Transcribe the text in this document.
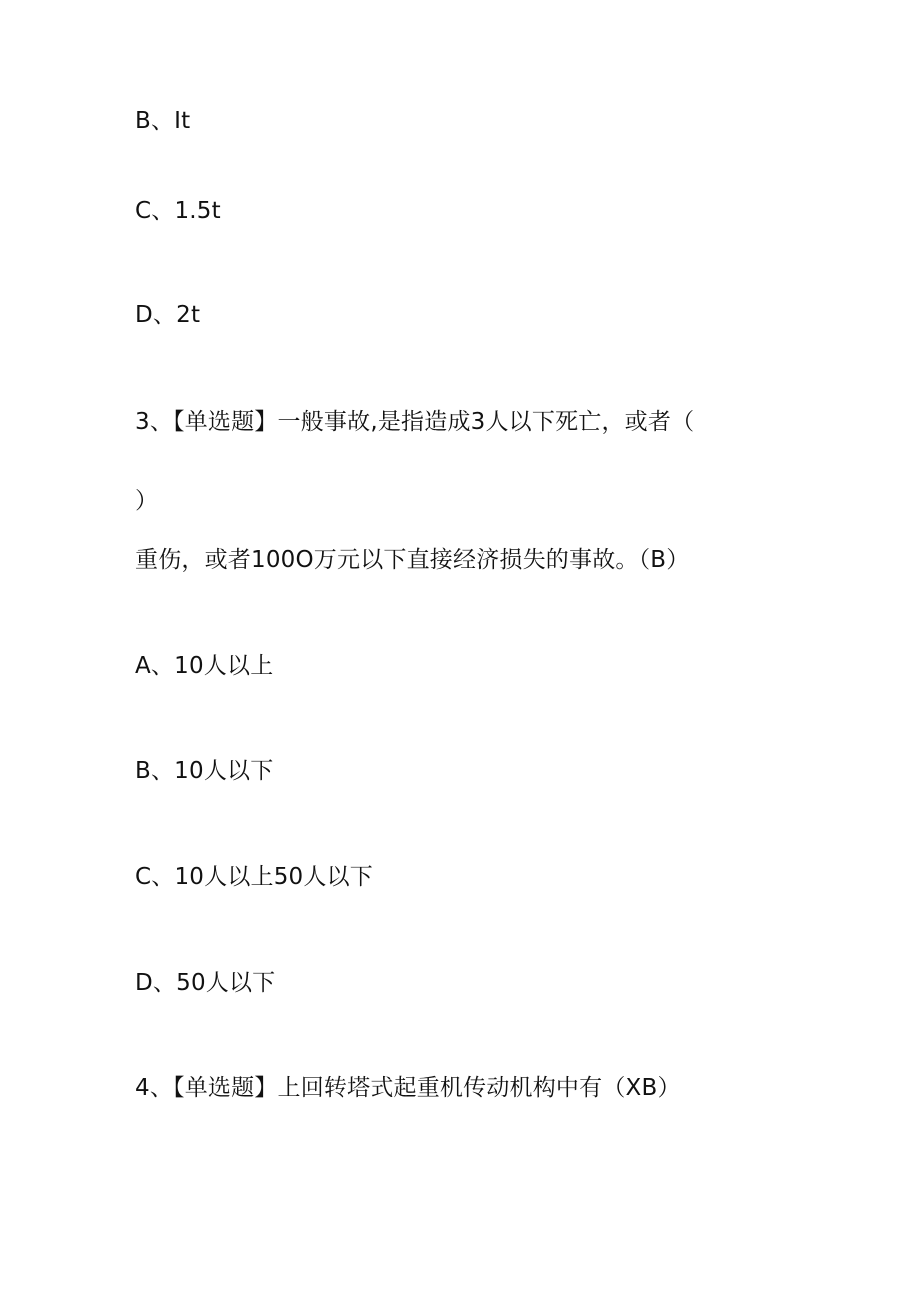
B、It
C、1.5t
D、2t
3、【单选题】一般事故,是指造成3人以下死亡，或者（
）
重伤，或者100O万元以下直接经济损失的事故。（B）
A、10人以上
B、10人以下
C、10人以上50人以下
D、50人以下
4、【单选题】上回转塔式起重机传动机构中有（XB）
